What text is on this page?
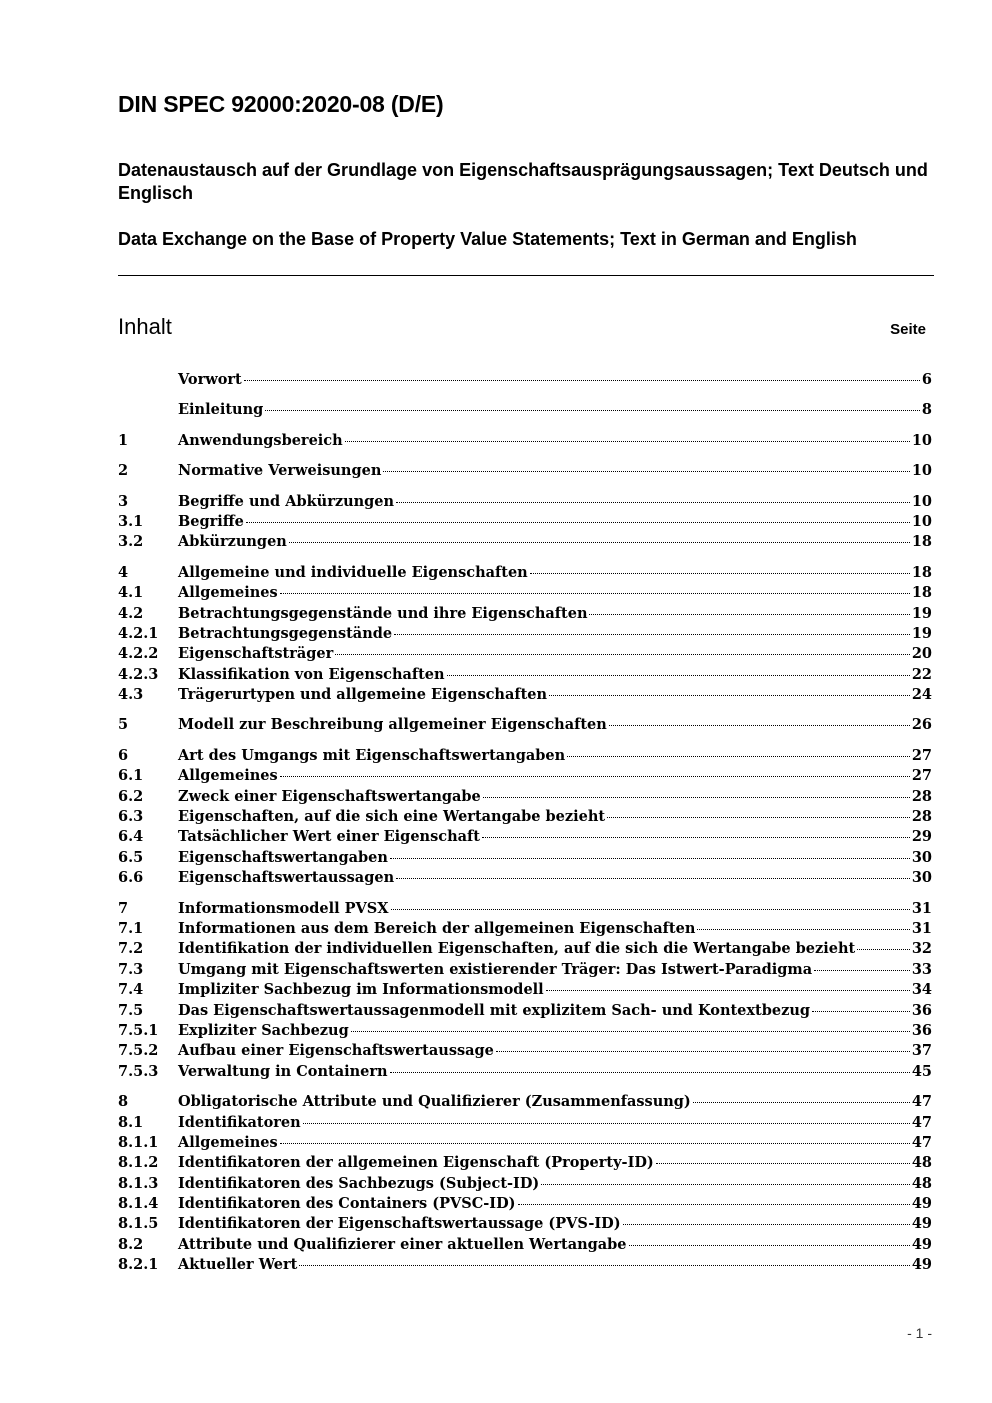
DIN SPEC 92000:2020-08 (D/E)
Datenaustausch auf der Grundlage von Eigenschaftsausprägungsaussagen; Text Deutsch und Englisch
Data Exchange on the Base of Property Value Statements; Text in German and English
Inhalt	Seite
Vorwort	6
Einleitung	8
1	Anwendungsbereich	10
2	Normative Verweisungen	10
3	Begriffe und Abkürzungen	10
3.1	Begriffe	10
3.2	Abkürzungen	18
4	Allgemeine und individuelle Eigenschaften	18
4.1	Allgemeines	18
4.2	Betrachtungsgegenstände und ihre Eigenschaften	19
4.2.1	Betrachtungsgegenstände	19
4.2.2	Eigenschaftsträger	20
4.2.3	Klassifikation von Eigenschaften	22
4.3	Trägerurtypen und allgemeine Eigenschaften	24
5	Modell zur Beschreibung allgemeiner Eigenschaften	26
6	Art des Umgangs mit Eigenschaftswertangaben	27
6.1	Allgemeines	27
6.2	Zweck einer Eigenschaftswertangabe	28
6.3	Eigenschaften, auf die sich eine Wertangabe bezieht	28
6.4	Tatsächlicher Wert einer Eigenschaft	29
6.5	Eigenschaftswertangaben	30
6.6	Eigenschaftswertaussagen	30
7	Informationsmodell PVSX	31
7.1	Informationen aus dem Bereich der allgemeinen Eigenschaften	31
7.2	Identifikation der individuellen Eigenschaften, auf die sich die Wertangabe bezieht	32
7.3	Umgang mit Eigenschaftswerten existierender Träger: Das Istwert-Paradigma	33
7.4	Impliziter Sachbezug im Informationsmodell	34
7.5	Das Eigenschaftswertaussagenmodell mit explizitem Sach- und Kontextbezug	36
7.5.1	Expliziter Sachbezug	36
7.5.2	Aufbau einer Eigenschaftswertaussage	37
7.5.3	Verwaltung in Containern	45
8	Obligatorische Attribute und Qualifizierer (Zusammenfassung)	47
8.1	Identifikatoren	47
8.1.1	Allgemeines	47
8.1.2	Identifikatoren der allgemeinen Eigenschaft (Property-ID)	48
8.1.3	Identifikatoren des Sachbezugs (Subject-ID)	48
8.1.4	Identifikatoren des Containers (PVSC-ID)	49
8.1.5	Identifikatoren der Eigenschaftswertaussage (PVS-ID)	49
8.2	Attribute und Qualifizierer einer aktuellen Wertangabe	49
8.2.1	Aktueller Wert	49
- 1 -
